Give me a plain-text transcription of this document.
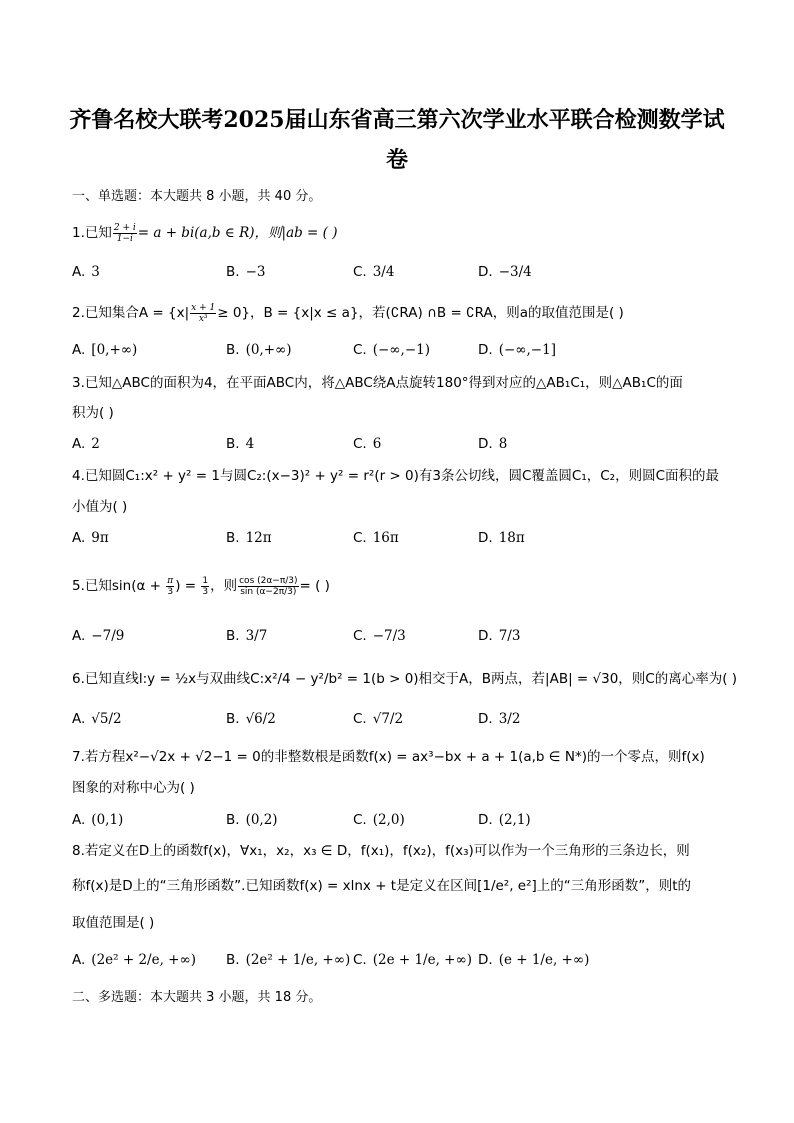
齐鲁名校大联考2025届山东省高三第六次学业水平联合检测数学试
卷
一、单选题：本大题共 8 小题，共 40 分。
1.已知 $\frac{2 + i}{1-i} = a + bi(a,b$ ∈ R)，则|ab = ( )
A. 3	B. −3	C. 3/4	D. −3/4
2.已知集合$A = \{x| \frac{x + 1}{\text{x³}} \ge 0\}$，B = {x|x ≤ a}，若(∁RA) ∩B = ∁RA，则a的取值范围是( )
A. [0,+∞)	B. (0,+∞)	C. (−∞,−1)	D. (−∞,−1]
3.已知△ABC的面积为4，在平面ABC内，将△ABC绕A点旋转180°得到对应的△AB₁C₁，则△AB₁C的面
积为( )
A. 2	B. 4	C. 6	D. 8
4.已知圆C₁:x² + y² = 1与圆C₂:(x−3)² + y² = r²(r > 0)有3条公切线，圆C覆盖圆C₁，C₂，则圆C面积的最
小值为( )
A. 9π	B. 12π	C. 16π	D. 18π
5.已知$\sin(\alpha + \frac{\pi}{3}$ ) = $\frac{1}{3}$ ，则 $\frac{\cos (2\alpha-\pi/3)}{\sin (\alpha-2\pi/3)}$ = ( )
A. −7/9	B. 3/7	C. −7/3	D. 7/3
6.已知直线l:y = ½x与双曲线C:x²/4 − y²/b² = 1(b > 0)相交于A，B两点，若|AB| = √30，则C的离心率为( )
A. √5/2	B. √6/2	C. √7/2	D. 3/2
7.若方程x²−√2x + √2−1 = 0的非整数根是函数f(x) = ax³−bx + a + 1(a,b ∈ N*)的一个零点，则f(x)
图象的对称中心为( )
A. (0,1)	B. (0,2)	C. (2,0)	D. (2,1)
8.若定义在D上的函数f(x)，∀x₁，x₂，x₃ ∈ D，f(x₁)，f(x₂)，f(x₃)可以作为一个三角形的三条边长，则
称f(x)是D上的“三角形函数”.已知函数f(x) = xlnx + t是定义在区间[1/e², e²]上的“三角形函数”，则t的
取值范围是( )
A. (2e² + 2/e, +∞) B. (2e² + 1/e, +∞) C. (2e + 1/e, +∞) D. (e + 1/e, +∞)
二、多选题：本大题共 3 小题，共 18 分。
